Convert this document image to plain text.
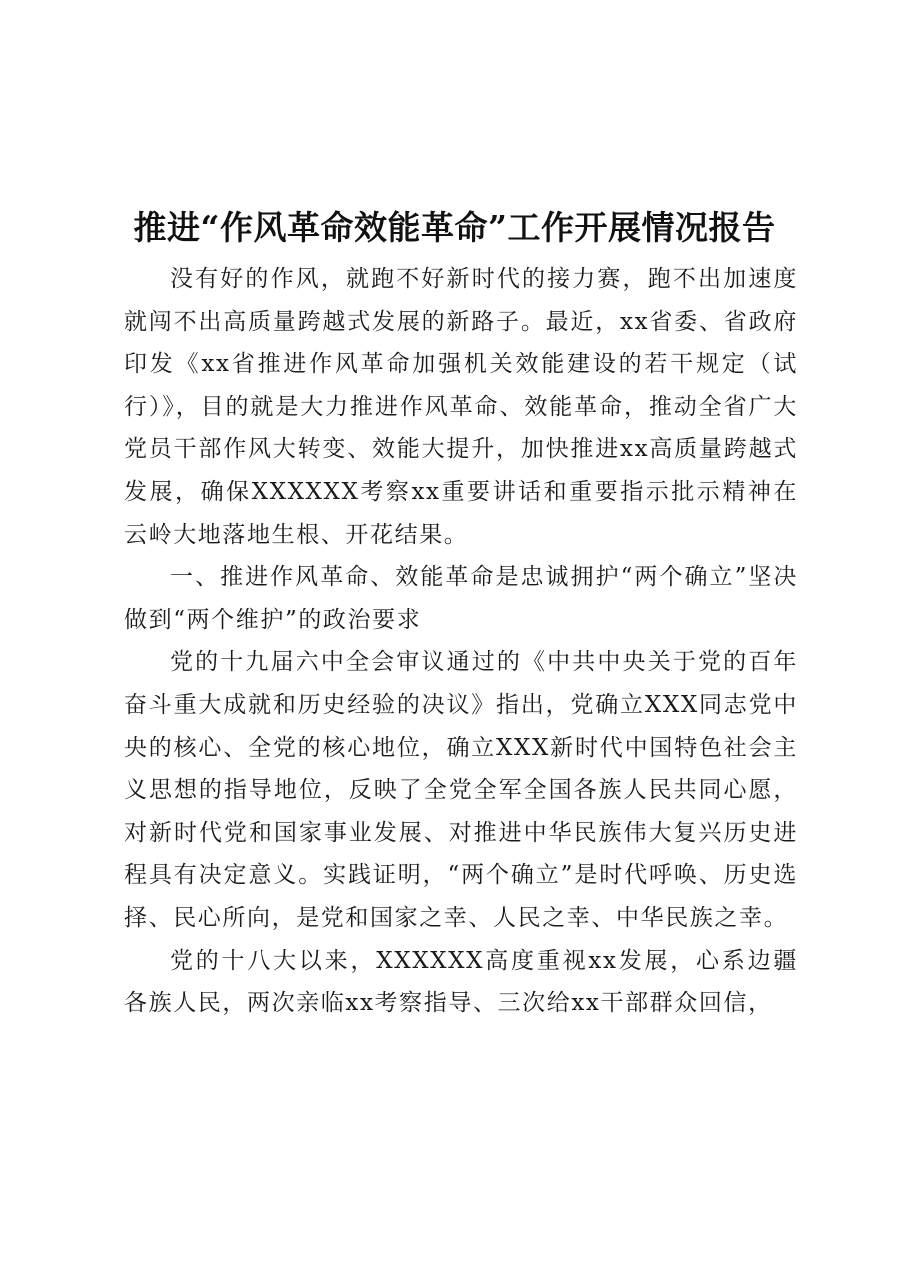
推进“作风革命效能革命”工作开展情况报告

没有好的作风，就跑不好新时代的接力赛，跑不出加速度就闯不出高质量跨越式发展的新路子。最近，xx省委、省政府印发《xx省推进作风革命加强机关效能建设的若干规定（试行）》，目的就是大力推进作风革命、效能革命，推动全省广大党员干部作风大转变、效能大提升，加快推进xx高质量跨越式发展，确保XXXXXX考察xx重要讲话和重要指示批示精神在云岭大地落地生根、开花结果。

一、推进作风革命、效能革命是忠诚拥护“两个确立”坚决做到“两个维护”的政治要求

党的十九届六中全会审议通过的《中共中央关于党的百年奋斗重大成就和历史经验的决议》指出，党确立XXX同志党中央的核心、全党的核心地位，确立XXX新时代中国特色社会主义思想的指导地位，反映了全党全军全国各族人民共同心愿，对新时代党和国家事业发展、对推进中华民族伟大复兴历史进程具有决定意义。实践证明，“两个确立”是时代呼唤、历史选择、民心所向，是党和国家之幸、人民之幸、中华民族之幸。

党的十八大以来，XXXXXX高度重视xx发展，心系边疆各族人民，两次亲临xx考察指导、三次给xx干部群众回信，
